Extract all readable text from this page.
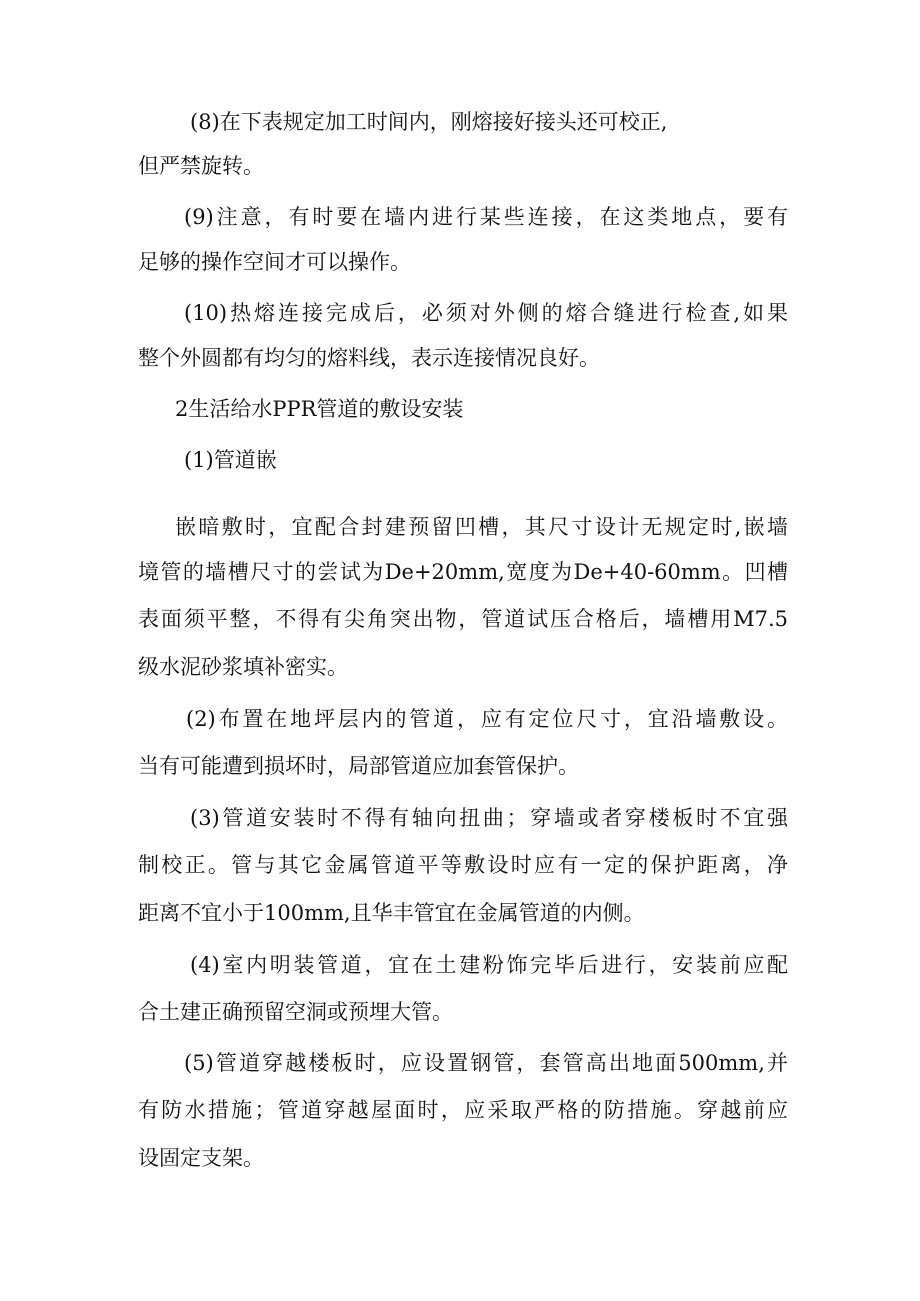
(8)在下表规定加工时间内，刚熔接好接头还可校正,
但严禁旋转。
(9)注意，有时要在墙内进行某些连接，在这类地点，要有
足够的操作空间才可以操作。
(10)热熔连接完成后，必须对外侧的熔合缝进行检查,如果
整个外圆都有均匀的熔料线，表示连接情况良好。
2生活给水PPR管道的敷设安装
(1)管道嵌
嵌暗敷时，宜配合封建预留凹槽，其尺寸设计无规定时,嵌墙
境管的墙槽尺寸的尝试为De+20mm,宽度为De+40-60mm。凹槽
表面须平整，不得有尖角突出物，管道试压合格后，墙槽用M7.5
级水泥砂浆填补密实。
(2)布置在地坪层内的管道，应有定位尺寸，宜沿墙敷设。
当有可能遭到损坏时，局部管道应加套管保护。
(3)管道安装时不得有轴向扭曲；穿墙或者穿楼板时不宜强
制校正。管与其它金属管道平等敷设时应有一定的保护距离，净
距离不宜小于100mm,且华丰管宜在金属管道的内侧。
(4)室内明装管道，宜在土建粉饰完毕后进行，安装前应配
合土建正确预留空洞或预埋大管。
(5)管道穿越楼板时，应设置钢管，套管高出地面500mm,并
有防水措施；管道穿越屋面时，应采取严格的防措施。穿越前应
设固定支架。
